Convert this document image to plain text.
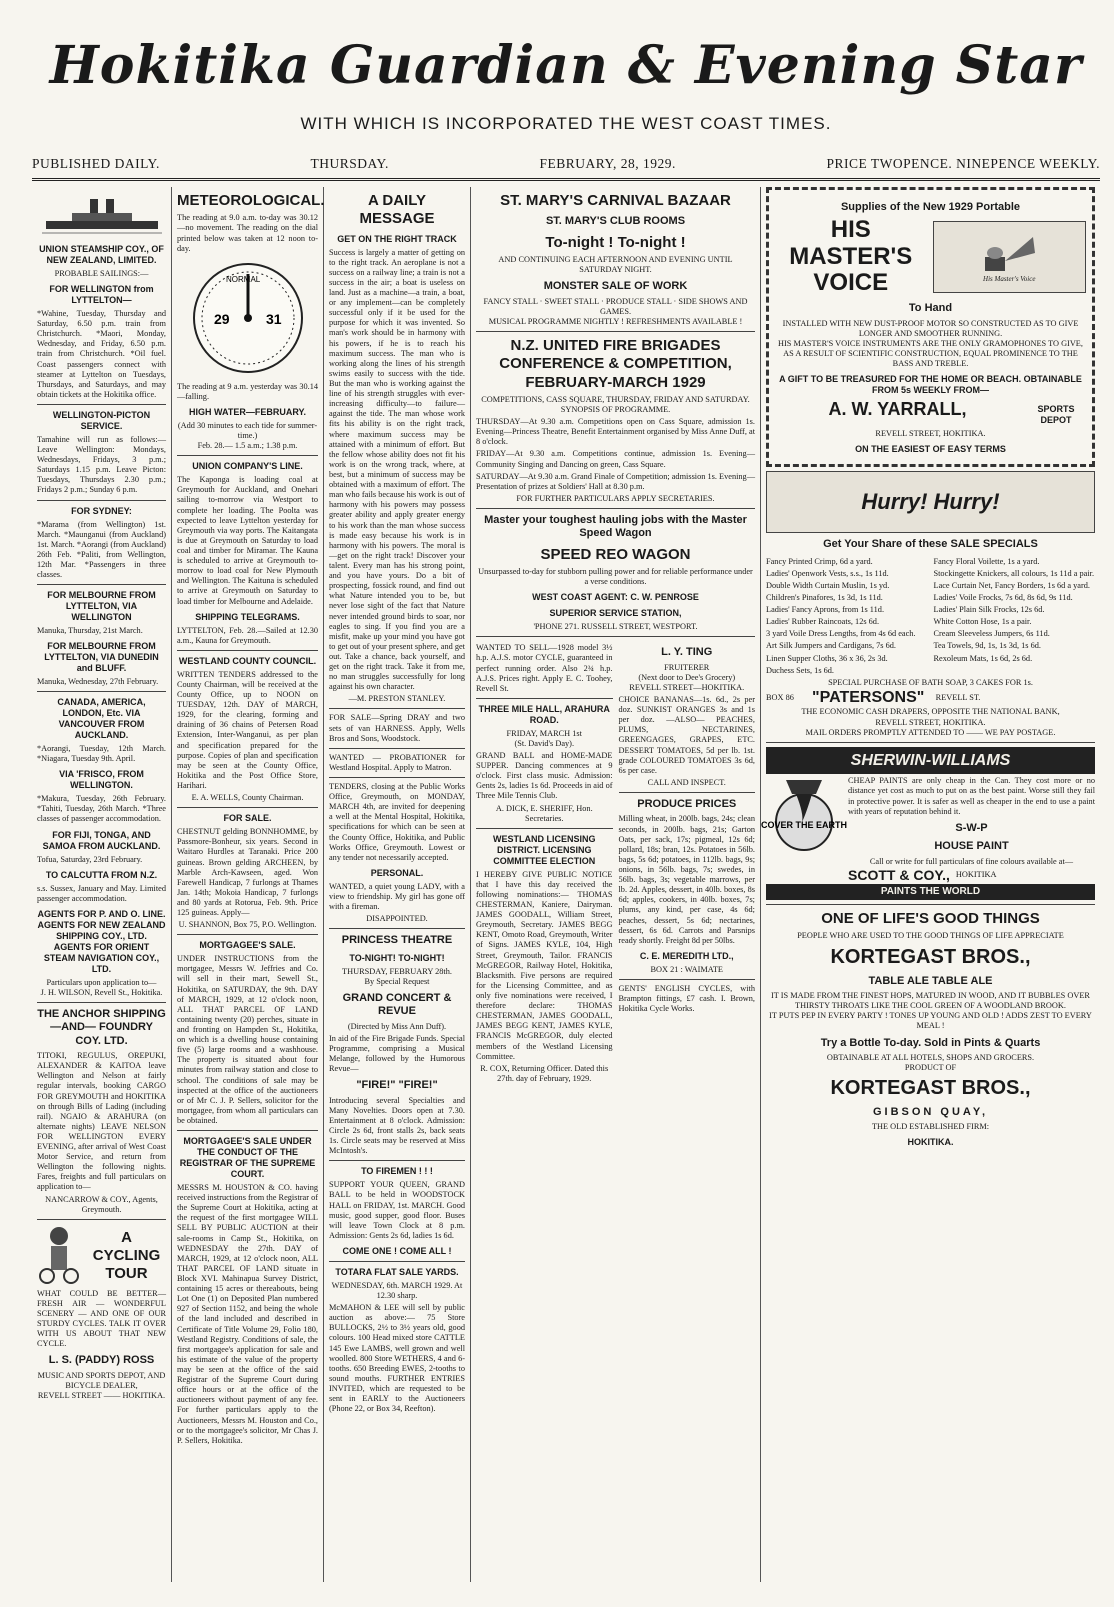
Hokitika Guardian & Evening Star
WITH WHICH IS INCORPORATED THE WEST COAST TIMES.
PUBLISHED DAILY.	THURSDAY.	FEBRUARY, 28, 1929.	PRICE TWOPENCE. NINEPENCE WEEKLY.
UNION STEAMSHIP COY., OF NEW ZEALAND, LIMITED.
PROBABLE SAILINGS:—
FOR WELLINGTON from LYTTELTON—

*Wahine, Tuesday, Thursday and Saturday, 6.50 p.m. train from Christchurch. *Maori, Monday, Wednesday, and Friday, 6.50 p.m. train from Christchurch. *Oil fuel. Coast passengers connect with steamer at Lyttelton on Tuesdays, Thursdays, and Saturdays, and may obtain tickets at the Hokitika office.

WELLINGTON-PICTON SERVICE.

Tamahine will run as follows:— Leave Wellington: Mondays, Wednesdays, Fridays, 3 p.m.; Saturdays 1.15 p.m. Leave Picton: Tuesdays, Thursdays 2.30 p.m.; Fridays 2 p.m.; Sunday 6 p.m.

FOR SYDNEY:

*Marama (from Wellington) 1st. March. *Maunganui (from Auckland) 1st. March. *Aorangi (from Auckland) 26th Feb. *Paliti, from Wellington, 12th Mar. *Passengers in three classes.

FOR MELBOURNE FROM LYTTELTON, VIA WELLINGTON

Manuka, Thursday, 21st March.

FOR MELBOURNE FROM LYTTELTON, VIA DUNEDIN and BLUFF.

Manuka, Wednesday, 27th February.

CANADA, AMERICA, LONDON, Etc. VIA VANCOUVER FROM AUCKLAND.

*Aorangi, Tuesday, 12th March. *Niagara, Tuesday 9th. April.

VIA 'FRISCO, FROM WELLINGTON.

*Makura, Tuesday, 26th February. *Tahiti, Tuesday, 26th March. *Three classes of passenger accommodation.

FOR FIJI, TONGA, AND SAMOA FROM AUCKLAND.

Tofua, Saturday, 23rd February.

TO CALCUTTA FROM N.Z.

s.s. Sussex, January and May. Limited passenger accommodation.

AGENTS FOR P. AND O. LINE. AGENTS FOR NEW ZEALAND SHIPPING COY., LTD. AGENTS FOR ORIENT STEAM NAVIGATION COY., LTD.
Particulars upon application to—
J. H. WILSON, Revell St., Hokitika.
THE ANCHOR SHIPPING —AND— FOUNDRY COY. LTD.

TITOKI, REGULUS, OREPUKI, ALEXANDER & KAITOA leave Wellington and Nelson at fairly regular intervals, booking CARGO FOR GREYMOUTH and HOKITIKA on through Bills of Lading (including rail). NGAIO & ARAHURA (on alternate nights) LEAVE NELSON FOR WELLINGTON EVERY EVENING, after arrival of West Coast Motor Service, and return from Wellington the following nights. Fares, freights and full particulars on application to—

NANCARROW & COY., Agents, Greymouth.
A CYCLING TOUR

WHAT COULD BE BETTER—FRESH AIR — WONDERFUL SCENERY — AND ONE OF OUR STURDY CYCLES. TALK IT OVER WITH US ABOUT THAT NEW CYCLE.

L. S. (PADDY) ROSS
MUSIC AND SPORTS DEPOT, AND BICYCLE DEALER,
REVELL STREET —— HOKITIKA.
METEOROLOGICAL.

The reading at 9.0 a.m. to-day was 30.12—no movement. The reading on the dial printed below was taken at 12 noon to-day.

29	31
NORMAL

The reading at 9 a.m. yesterday was 30.14—falling.

HIGH WATER—FEBRUARY.
(Add 30 minutes to each tide for summer-time.)
Feb. 28.— 1.5 a.m.; 1.38 p.m.
UNION COMPANY'S LINE.

The Kaponga is loading coal at Greymouth for Auckland, and Onehari sailing to-morrow via Westport to complete her loading. The Poolta was expected to leave Lyttelton yesterday for Greymouth via way ports. The Kaitangata is due at Greymouth on Saturday to load coal and timber for Miramar. The Kauna is scheduled to arrive at Greymouth to-morrow to load coal for New Plymouth and Wellington. The Kaituna is scheduled to arrive at Greymouth on Saturday to load timber for Melbourne and Adelaide.

SHIPPING TELEGRAMS.

LYTTELTON, Feb. 28.—Sailed at 12.30 a.m., Kauna for Greymouth.

WESTLAND COUNTY COUNCIL.

WRITTEN TENDERS addressed to the County Chairman, will be received at the County Office, up to NOON on TUESDAY, 12th. DAY of MARCH, 1929, for the clearing, forming and draining of 36 chains of Petersen Road Extension, Inter-Wanganui, as per plan and specification prepared for the purpose. Copies of plan and specification may be seen at the County Office, Hokitika and the Post Office Store, Harihari.

E. A. WELLS, County Chairman.
FOR SALE.

CHESTNUT gelding BONNHOMME, by Passmore-Bonheur, six years. Second in Waitaro Hurdles at Taranaki. Price 200 guineas. Brown gelding ARCHEEN, by Marble Arch-Kawseen, aged. Won Farewell Handicap, 7 furlongs at Thames Jan. 14th; Mokoia Handicap, 7 furlongs and 80 yards at Rotorua, Feb. 9th. Price 125 guineas. Apply—

U. SHANNON, Box 75, P.O. Wellington.
MORTGAGEE'S SALE.

UNDER INSTRUCTIONS from the mortgagee, Messrs W. Jeffries and Co. will sell in their mart, Sewell St., Hokitika, on SATURDAY, the 9th. DAY of MARCH, 1929, at 12 o'clock noon, ALL THAT PARCEL OF LAND containing twenty (20) perches, situate in and fronting on Hampden St., Hokitika, on which is a dwelling house containing five (5) large rooms and a washhouse. The property is situated about four minutes from railway station and close to school. The conditions of sale may be inspected at the office of the auctioneers or of Mr C. J. P. Sellers, solicitor for the mortgagee, from whom all particulars can be obtained.

MORTGAGEE'S SALE UNDER THE CONDUCT OF THE REGISTRAR OF THE SUPREME COURT.

MESSRS M. HOUSTON & CO. having received instructions from the Registrar of the Supreme Court at Hokitika, acting at the request of the first mortgagee WILL SELL BY PUBLIC AUCTION at their sale-rooms in Camp St., Hokitika, on WEDNESDAY the 27th. DAY of MARCH, 1929, at 12 o'clock noon, ALL THAT PARCEL OF LAND situate in Block XVI. Mahinapua Survey District, containing 15 acres or thereabouts, being Lot One (1) on Deposited Plan numbered 927 of Section 1152, and being the whole of the land included and described in Certificate of Title Volume 29, Folio 180, Westland Registry. Conditions of sale, the first mortgagee's application for sale and his estimate of the value of the property may be seen at the office of the said Registrar of the Supreme Court during office hours or at the office of the auctioneers without payment of any fee. For further particulars apply to the Auctioneers, Messrs M. Houston and Co., or to the mortgagee's solicitor, Mr Chas J. P. Sellers, Hokitika.

A DAILY MESSAGE
GET ON THE RIGHT TRACK

Success is largely a matter of getting on to the right track. An aeroplane is not a success on a railway line; a train is not a success in the air; a boat is useless on land. Just as a machine—a train, a boat, or any implement—can be completely successful only if it be used for the purpose for which it was invented. So man's work should be in harmony with his powers, if he is to reach his maximum success. The man who is working along the lines of his strength swims easily to success with the tide. But the man who is working against the line of his strength struggles with ever-increasing difficulty—to failure—against the tide. The man whose work fits his ability is on the right track, where maximum success may be attained with a minimum of effort. But the fellow whose ability does not fit his work is on the wrong track, where, at best, but a minimum of success may be obtained with a maximum of effort. The man who fails because his work is out of harmony with his powers may possess greater ability and apply greater energy to his work than the man whose success is made easy because his work is in harmony with his powers. The moral is—get on the right track! Discover your talent. Every man has his strong point, and you have yours. Do a bit of prospecting, fossick round, and find out what Nature intended you to be, but never lose sight of the fact that Nature never intended ground birds to soar, nor eagles to sing. If you find you are a misfit, make up your mind you have got to get out of your present sphere, and get out. Take a chance, back yourself, and get on the right track. Take it from me, no man struggles successfully for long against his own character.

—M. PRESTON STANLEY.

FOR SALE—Spring DRAY and two sets of van HARNESS. Apply, Wells Bros and Sons, Woodstock.

WANTED — PROBATIONER for Westland Hospital. Apply to Matron.

TENDERS, closing at the Public Works Office, Greymouth, on MONDAY, MARCH 4th, are invited for deepening a well at the Mental Hospital, Hokitika, specifications for which can be seen at the County Office, Hokitika, and Public Works Office, Greymouth. Lowest or any tender not necessarily accepted.

PERSONAL.

WANTED, a quiet young LADY, with a view to friendship. My girl has gone off with a fireman.

DISAPPOINTED.
PRINCESS THEATRE
TO-NIGHT! TO-NIGHT!
THURSDAY, FEBRUARY 28th.
By Special Request
GRAND CONCERT & REVUE
(Directed by Miss Ann Duff).

In aid of the Fire Brigade Funds. Special Programme, comprising a Musical Melange, followed by the Humorous Revue—

"FIRE!" "FIRE!"

Introducing several Specialties and Many Novelties. Doors open at 7.30. Entertainment at 8 o'clock. Admission: Circle 2s 6d, front stalls 2s, back seats 1s. Circle seats may be reserved at Miss McIntosh's.

TO FIREMEN ! ! !

SUPPORT YOUR QUEEN, GRAND BALL to be held in WOODSTOCK HALL on FRIDAY, 1st. MARCH. Good music, good supper, good floor. Buses will leave Town Clock at 8 p.m. Admission: Gents 2s 6d, ladies 1s 6d.

COME ONE ! COME ALL !
TOTARA FLAT SALE YARDS.
WEDNESDAY, 6th. MARCH 1929. At 12.30 sharp.

McMAHON & LEE will sell by public auction as above:— 75 Store BULLOCKS, 2½ to 3½ years old, good colours. 100 Head mixed store CATTLE 145 Ewe LAMBS, well grown and well woolled. 800 Store WETHERS, 4 and 6-tooths. 650 Breeding EWES, 2-tooths to sound mouths. FURTHER ENTRIES INVITED, which are requested to be sent in EARLY to the Auctioneers (Phone 22, or Box 34, Reefton).

ST. MARY'S CARNIVAL BAZAAR
ST. MARY'S CLUB ROOMS
To-night ! To-night !
AND CONTINUING EACH AFTERNOON AND EVENING UNTIL SATURDAY NIGHT.
MONSTER SALE OF WORK
FANCY STALL · SWEET STALL · PRODUCE STALL · SIDE SHOWS AND GAMES.
MUSICAL PROGRAMME NIGHTLY ! REFRESHMENTS AVAILABLE !
N.Z. UNITED FIRE BRIGADES CONFERENCE & COMPETITION, FEBRUARY-MARCH 1929
COMPETITIONS, CASS SQUARE, THURSDAY, FRIDAY AND SATURDAY.
SYNOPSIS OF PROGRAMME.

THURSDAY—At 9.30 a.m. Competitions open on Cass Square, admission 1s. Evening—Princess Theatre, Benefit Entertainment organised by Miss Anne Duff, at 8 o'clock.

FRIDAY—At 9.30 a.m. Competitions continue, admission 1s. Evening—Community Singing and Dancing on green, Cass Square.

SATURDAY—At 9.30 a.m. Grand Finale of Competition; admission 1s. Evening—Presentation of prizes at Soldiers' Hall at 8.30 p.m.

FOR FURTHER PARTICULARS APPLY SECRETARIES.
Master your toughest hauling jobs with the Master Speed Wagon
SPEED REO WAGON
Unsurpassed to-day for stubborn pulling power and for reliable performance under a verse conditions.
WEST COAST AGENT: C. W. PENROSE
SUPERIOR SERVICE STATION,
'PHONE 271. RUSSELL STREET, WESTPORT.

WANTED TO SELL—1928 model 3½ h.p. A.J.S. motor CYCLE, guaranteed in perfect running order. Also 2¾ h.p. A.J.S. Prices right. Apply E. C. Toohey, Revell St.

THREE MILE HALL, ARAHURA ROAD.
FRIDAY, MARCH 1st
(St. David's Day).

GRAND BALL and HOME-MADE SUPPER. Dancing commences at 9 o'clock. First class music. Admission: Gents 2s, ladies 1s 6d. Proceeds in aid of Three Mile Tennis Club.

A. DICK, E. SHERIFF, Hon. Secretaries.
WESTLAND LICENSING DISTRICT. LICENSING COMMITTEE ELECTION

I HEREBY GIVE PUBLIC NOTICE that I have this day received the following nominations:— THOMAS CHESTERMAN, Kaniere, Dairyman. JAMES GOODALL, William Street, Greymouth, Secretary. JAMES BEGG KENT, Omoto Road, Greymouth, Writer of Signs. JAMES KYLE, 104, High Street, Greymouth, Tailor. FRANCIS McGREGOR, Railway Hotel, Hokitika, Blacksmith. Five persons are required for the Licensing Committee, and as only five nominations were received, I therefore declare: THOMAS CHESTERMAN, JAMES GOODALL, JAMES BEGG KENT, JAMES KYLE, FRANCIS McGREGOR, duly elected members of the Westland Licensing Committee.

R. COX, Returning Officer. Dated this 27th. day of February, 1929.
L. Y. TING
FRUITERER
(Next door to Dee's Grocery)
REVELL STREET—HOKITIKA.

CHOICE BANANAS—1s. 6d., 2s per doz. SUNKIST ORANGES 3s and 1s per doz. —ALSO— PEACHES, PLUMS, NECTARINES, GREENGAGES, GRAPES, ETC. DESSERT TOMATOES, 5d per lb. 1st. grade COLOURED TOMATOES 3s 6d, 6s per case.

CALL AND INSPECT.
PRODUCE PRICES

Milling wheat, in 200lb. bags, 24s; clean seconds, in 200lb. bags, 21s; Garton Oats, per sack, 17s; pigmeal, 12s 6d; pollard, 18s; bran, 12s. Potatoes in 56lb. bags, 5s 6d; potatoes, in 112lb. bags, 9s; onions, in 56lb. bags, 7s; swedes, in 56lb. bags, 3s; vegetable marrows, per lb. 2d. Apples, dessert, in 40lb. boxes, 8s 6d; apples, cookers, in 40lb. boxes, 7s; plums, any kind, per case, 4s 6d; peaches, dessert, 5s 6d; nectarines, dessert, 6s 6d. Carrots and Parsnips ready shortly. Freight 8d per 50lbs.

C. E. MEREDITH LTD.,
BOX 21 : WAIMATE

GENTS' ENGLISH CYCLES, with Brampton fittings, £7 cash. I. Brown, Hokitika Cycle Works.

Supplies of the New 1929 Portable
HIS MASTER'S VOICE	His Master's Voice
To Hand
INSTALLED WITH NEW DUST-PROOF MOTOR SO CONSTRUCTED AS TO GIVE LONGER AND SMOOTHER RUNNING.
HIS MASTER'S VOICE INSTRUMENTS ARE THE ONLY GRAMOPHONES TO GIVE, AS A RESULT OF SCIENTIFIC CONSTRUCTION, EQUAL PROMINENCE TO THE BASS AND TREBLE.
A GIFT TO BE TREASURED FOR THE HOME OR BEACH. OBTAINABLE FROM 5s WEEKLY FROM—
A. W. YARRALL,	SPORTS DEPOT
REVELL STREET, HOKITIKA.
ON THE EASIEST OF EASY TERMS
Hurry! Hurry!
Get Your Share of these SALE SPECIALS

Fancy Printed Crimp, 6d a yard.

Ladies' Openwork Vests, s.s., 1s 11d.

Double Width Curtain Muslin, 1s yd.

Children's Pinafores, 1s 3d, 1s 11d.

Ladies' Fancy Aprons, from 1s 11d.

Ladies' Rubber Raincoats, 12s 6d.

3 yard Voile Dress Lengths, from 4s 6d each.

Art Silk Jumpers and Cardigans, 7s 6d.

Linen Supper Cloths, 36 x 36, 2s 3d.

Duchess Sets, 1s 6d.

Fancy Floral Voilette, 1s a yard.

Stockingette Knickers, all colours, 1s 11d a pair.

Lace Curtain Net, Fancy Borders, 1s 6d a yard.

Ladies' Voile Frocks, 7s 6d, 8s 6d, 9s 11d.

Ladies' Plain Silk Frocks, 12s 6d.

White Cotton Hose, 1s a pair.

Cream Sleeveless Jumpers, 6s 11d.

Tea Towels, 9d, 1s, 1s 3d, 1s 6d.

Rexoleum Mats, 1s 6d, 2s 6d.

SPECIAL PURCHASE OF BATH SOAP, 3 CAKES FOR 1s.
BOX 86	"PATERSONS"	REVELL ST.
THE ECONOMIC CASH DRAPERS, OPPOSITE THE NATIONAL BANK,
REVELL STREET, HOKITIKA.
MAIL ORDERS PROMPTLY ATTENDED TO —— WE PAY POSTAGE.
SHERWIN-WILLIAMS
COVER THE EARTH

CHEAP PAINTS are only cheap in the Can. They cost more or no distance yet cost as much to put on as the best paint. Worse still they fail in protective power. It is safer as well as cheaper in the end to use a paint with years of reputation behind it.

S-W-P
HOUSE PAINT
Call or write for full particulars of fine colours available at—
SCOTT & COY., HOKITIKA
PAINTS THE WORLD
ONE OF LIFE'S GOOD THINGS
PEOPLE WHO ARE USED TO THE GOOD THINGS OF LIFE APPRECIATE
KORTEGAST BROS.,
TABLE ALE TABLE ALE
IT IS MADE FROM THE FINEST HOPS, MATURED IN WOOD, AND IT BUBBLES OVER THIRSTY THROATS LIKE THE COOL GREEN OF A WOODLAND BROOK.
IT PUTS PEP IN EVERY PARTY ! TONES UP YOUNG AND OLD ! ADDS ZEST TO EVERY MEAL !
Try a Bottle To-day. Sold in Pints & Quarts
OBTAINABLE AT ALL HOTELS, SHOPS AND GROCERS.
PRODUCT OF
KORTEGAST BROS.,
GIBSON QUAY,
THE OLD ESTABLISHED FIRM:
HOKITIKA.
